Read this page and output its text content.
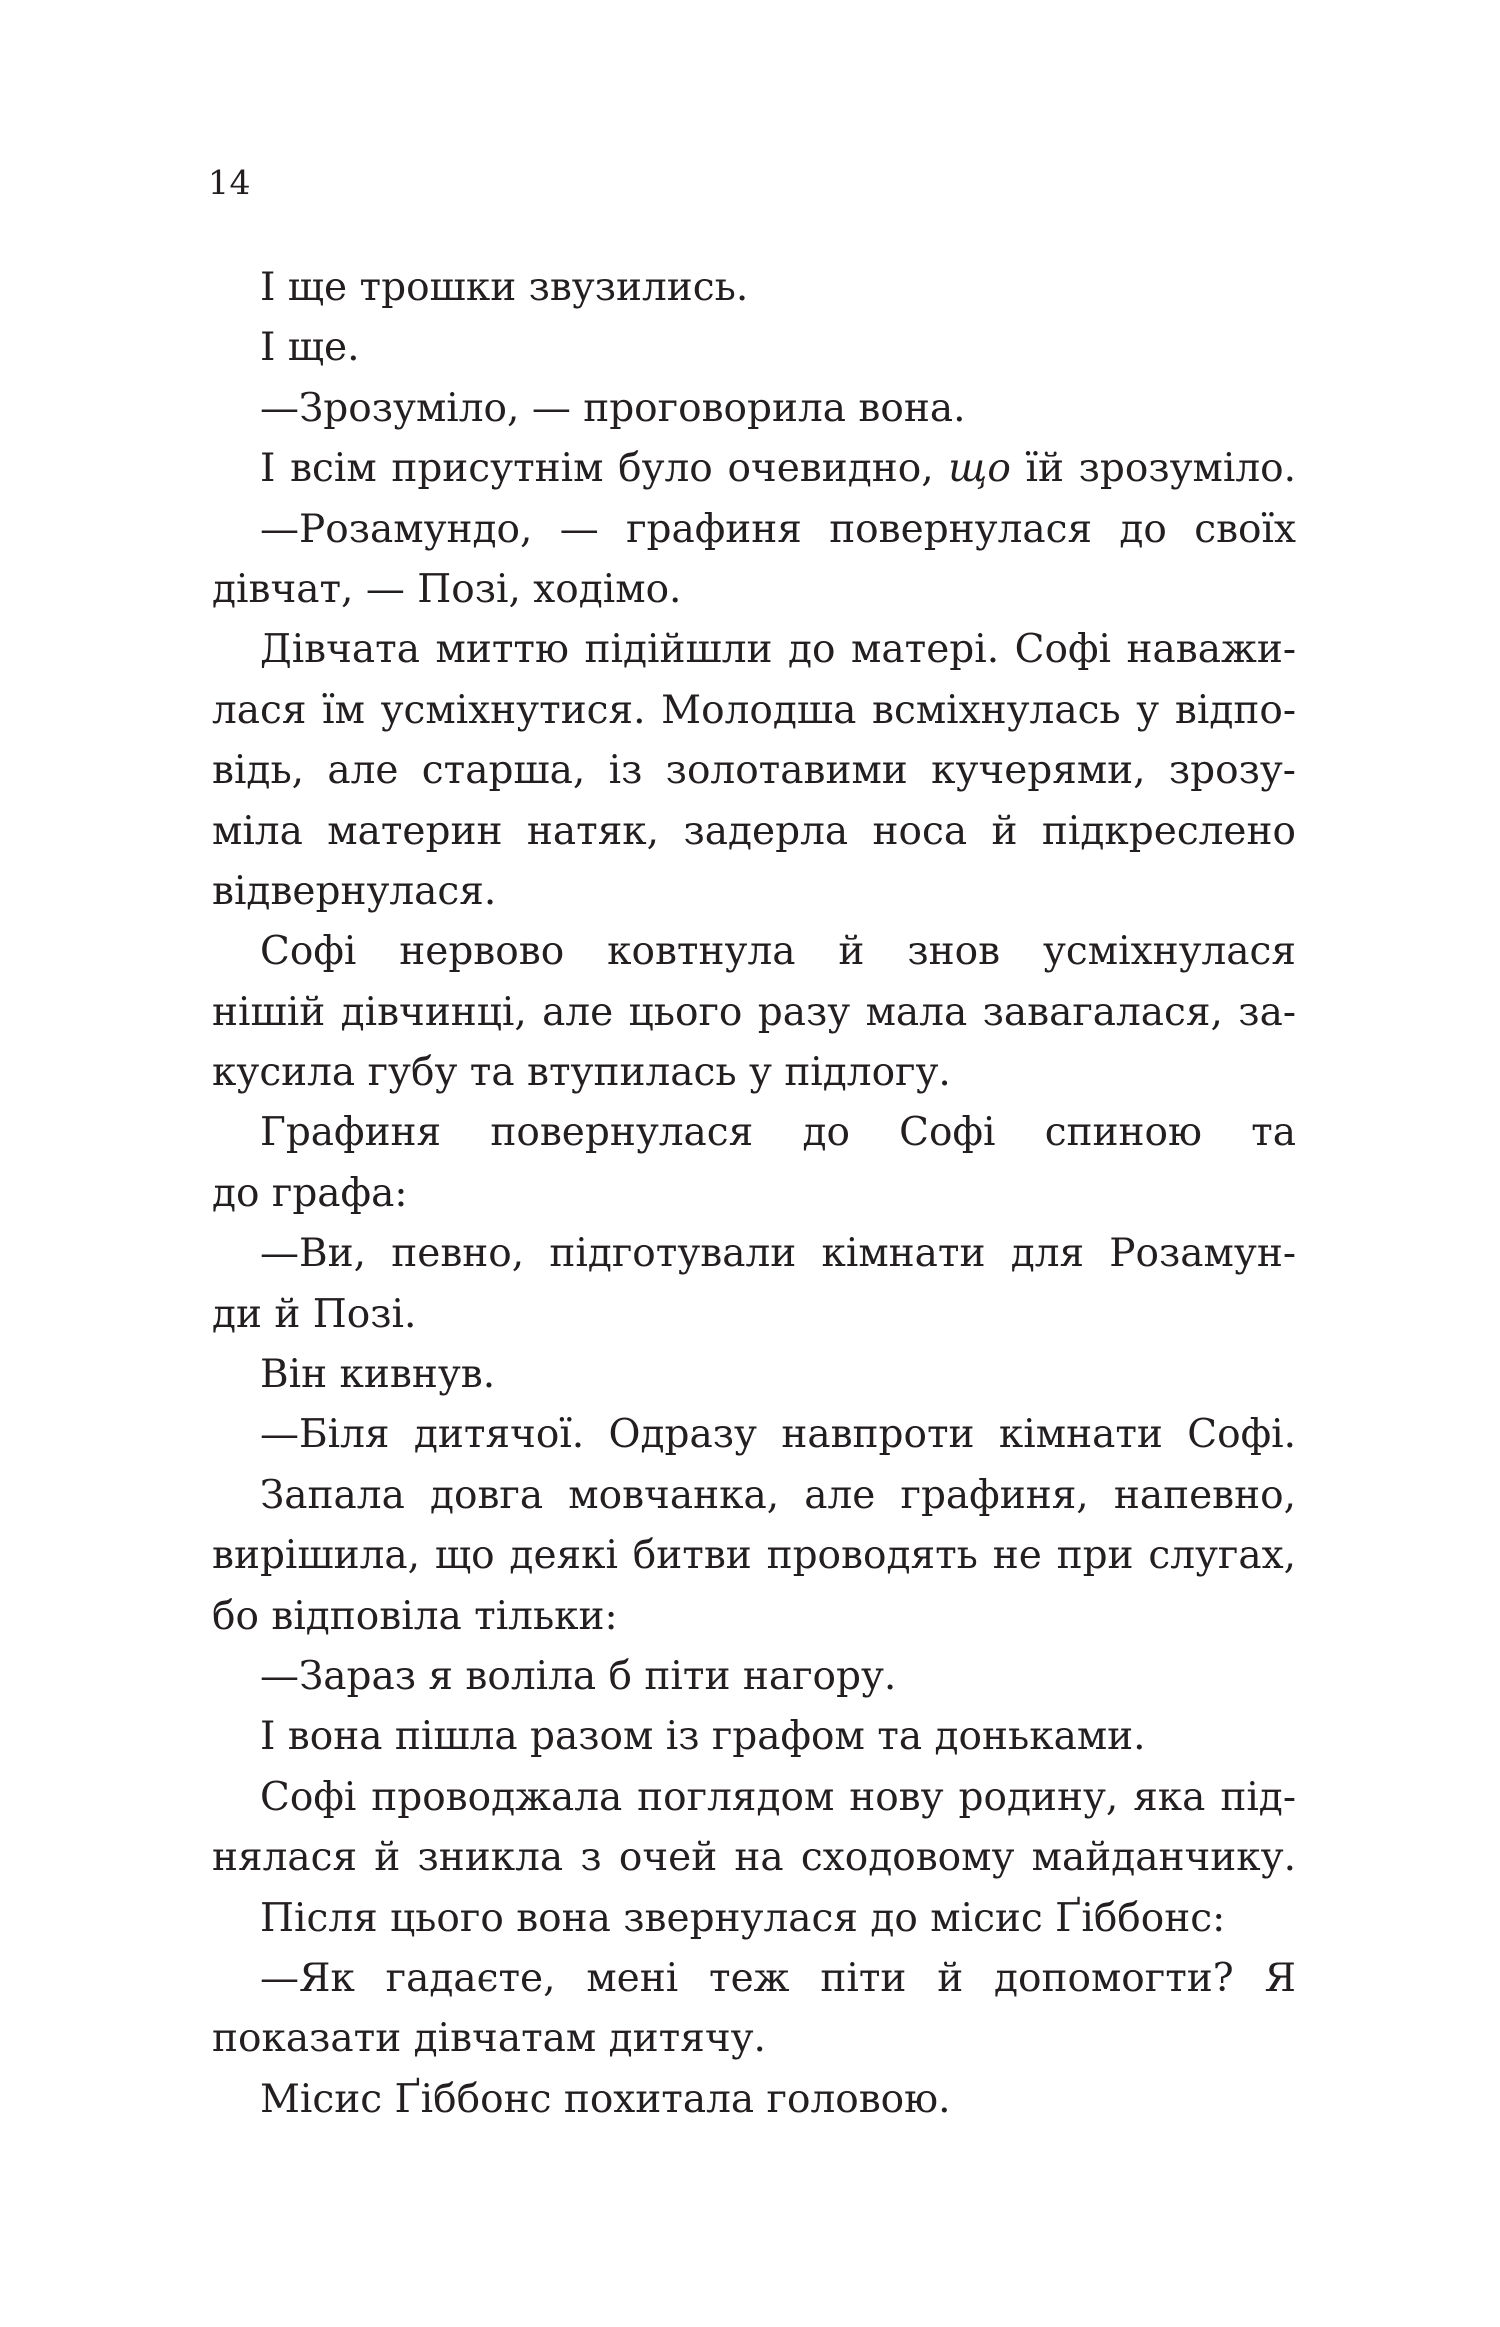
14
І ще трошки звузились.
І ще.
—Зрозуміло, — проговорила вона.
І всім присутнім було очевидно, що їй зрозуміло.
—Розамундо, — графиня повернулася до своїх
дівчат, — Позі, ходімо.
Дівчата миттю підійшли до матері. Софі наважи-
лася їм усміхнутися. Молодша всміхнулась у відпо-
відь, але старша, із золотавими кучерями, зрозу-
міла материн натяк, задерла носа й підкреслено
відвернулася.
Софі нервово ковтнула й знов усміхнулася
нішій дівчинці, але цього разу мала завагалася, за-
кусила губу та втупилась у підлогу.
Графиня повернулася до Софі спиною та
до графа:
—Ви, певно, підготували кімнати для Розамун-
ди й Позі.
Він кивнув.
—Біля дитячої. Одразу навпроти кімнати Софі.
Запала довга мовчанка, але графиня, напевно,
вирішила, що деякі битви проводять не при слугах,
бо відповіла тільки:
—Зараз я воліла б піти нагору.
І вона пішла разом із графом та доньками.
Софі проводжала поглядом нову родину, яка під-
нялася й зникла з очей на сходовому майданчику.
Після цього вона звернулася до місис Ґіббонс:
—Як гадаєте, мені теж піти й допомогти? Я
показати дівчатам дитячу.
Місис Ґіббонс похитала головою.
